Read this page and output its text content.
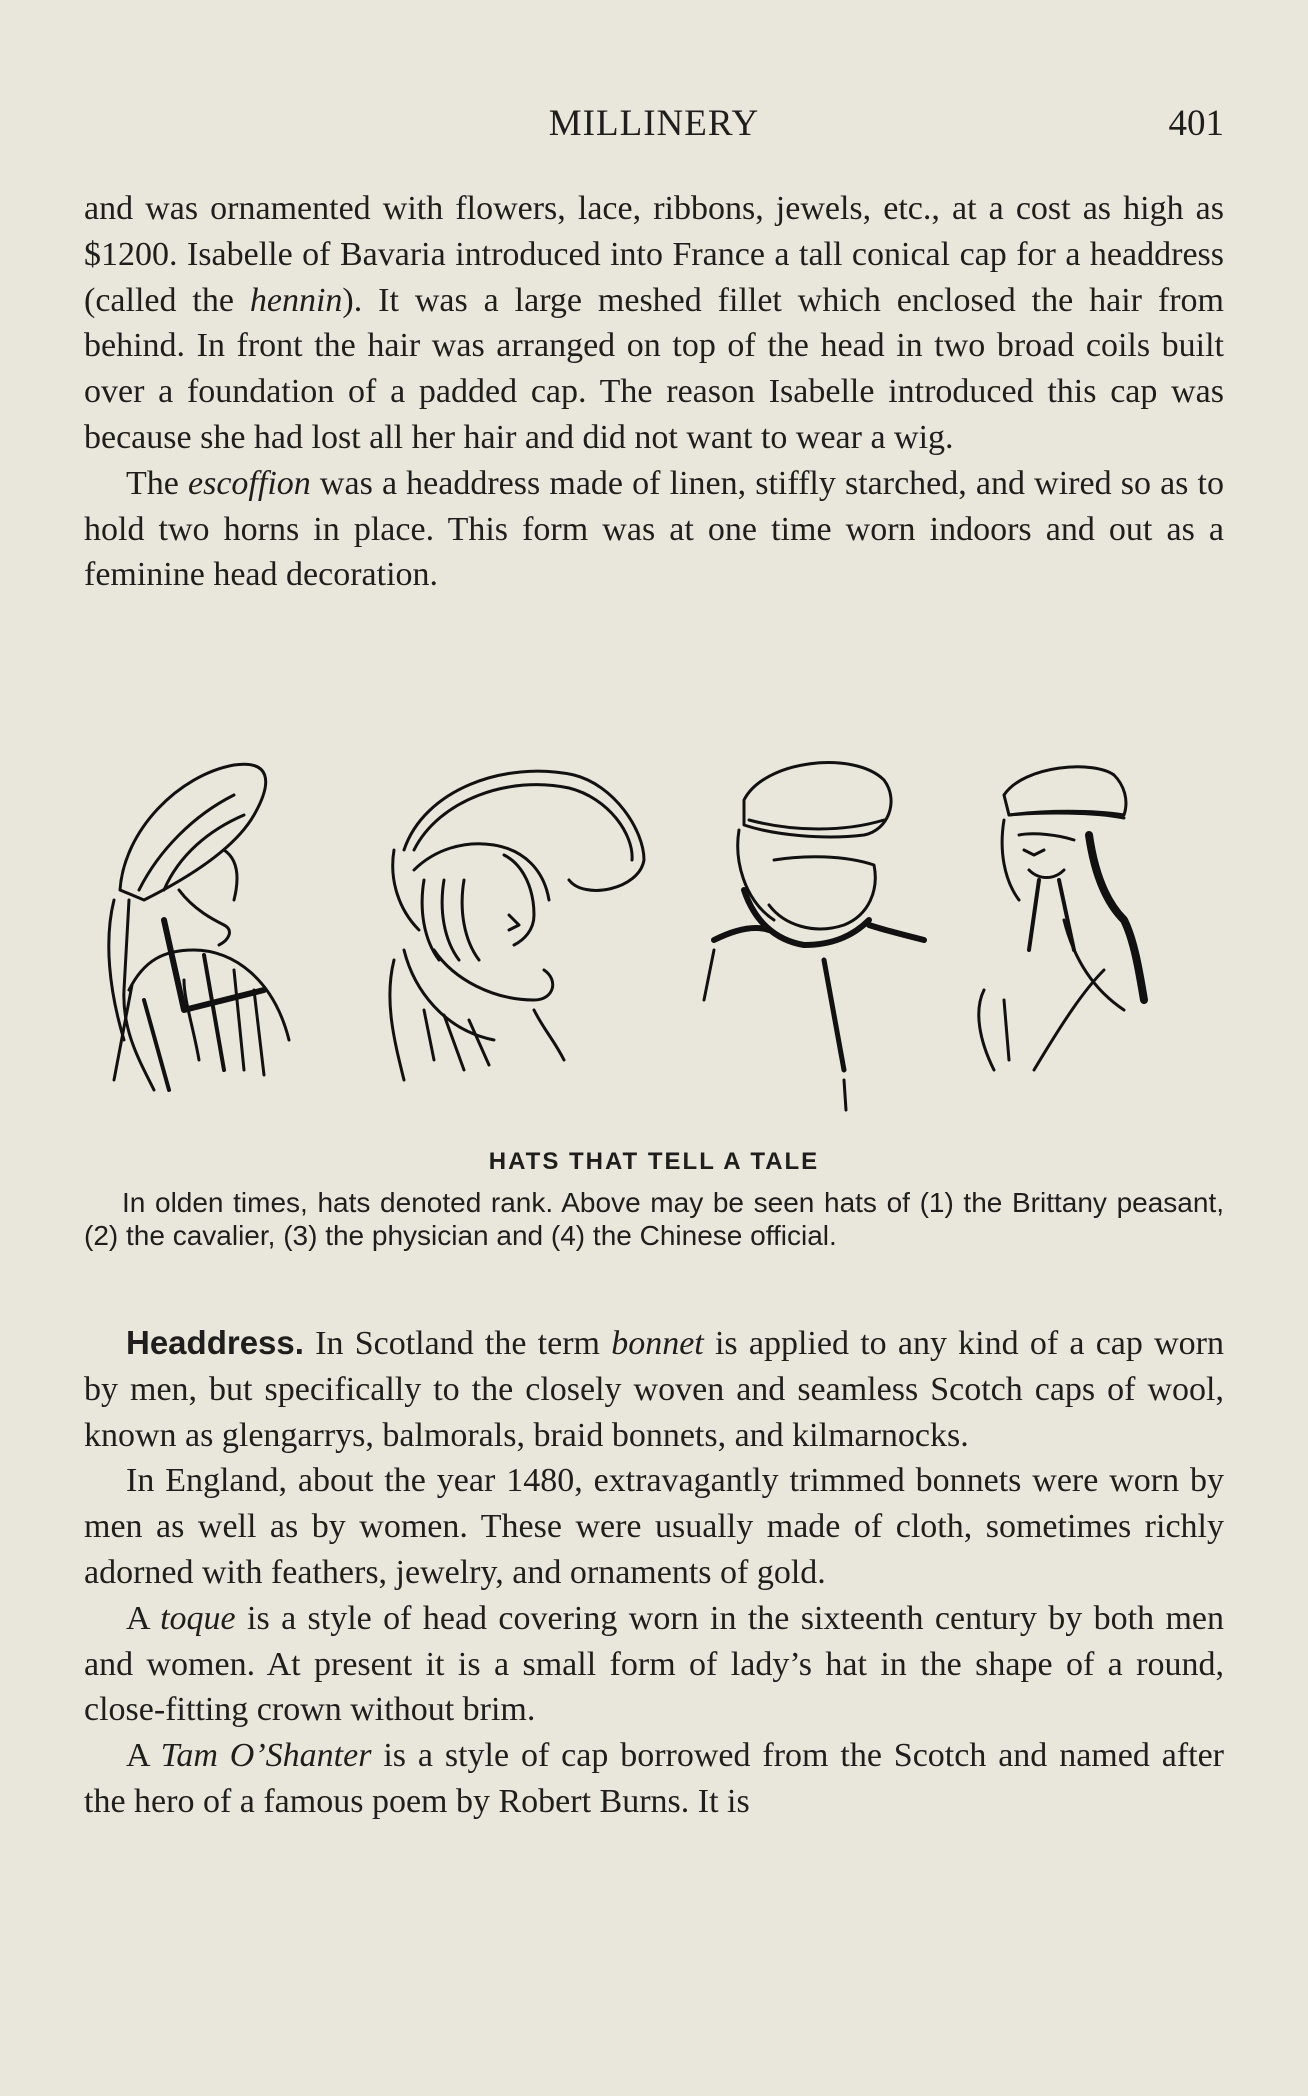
MILLINERY	401

and was ornamented with flowers, lace, ribbons, jewels, etc., at a cost as high as $1200. Isabelle of Bavaria introduced into France a tall conical cap for a headdress (called the hennin). It was a large meshed fillet which enclosed the hair from behind. In front the hair was arranged on top of the head in two broad coils built over a foundation of a padded cap. The reason Isabelle introduced this cap was because she had lost all her hair and did not want to wear a wig.

The escoffion was a headdress made of linen, stiffly starched, and wired so as to hold two horns in place. This form was at one time worn indoors and out as a feminine head decoration.

HATS THAT TELL A TALE
In olden times, hats denoted rank. Above may be seen hats of (1) the Brittany peasant, (2) the cavalier, (3) the physician and (4) the Chinese official.

Headdress. In Scotland the term bonnet is applied to any kind of a cap worn by men, but specifically to the closely woven and seamless Scotch caps of wool, known as glengarrys, balmorals, braid bonnets, and kilmarnocks.

In England, about the year 1480, extravagantly trimmed bonnets were worn by men as well as by women. These were usually made of cloth, sometimes richly adorned with feathers, jewelry, and ornaments of gold.

A toque is a style of head covering worn in the sixteenth century by both men and women. At present it is a small form of lady’s hat in the shape of a round, close-fitting crown without brim.

A Tam O’Shanter is a style of cap borrowed from the Scotch and named after the hero of a famous poem by Robert Burns. It is
